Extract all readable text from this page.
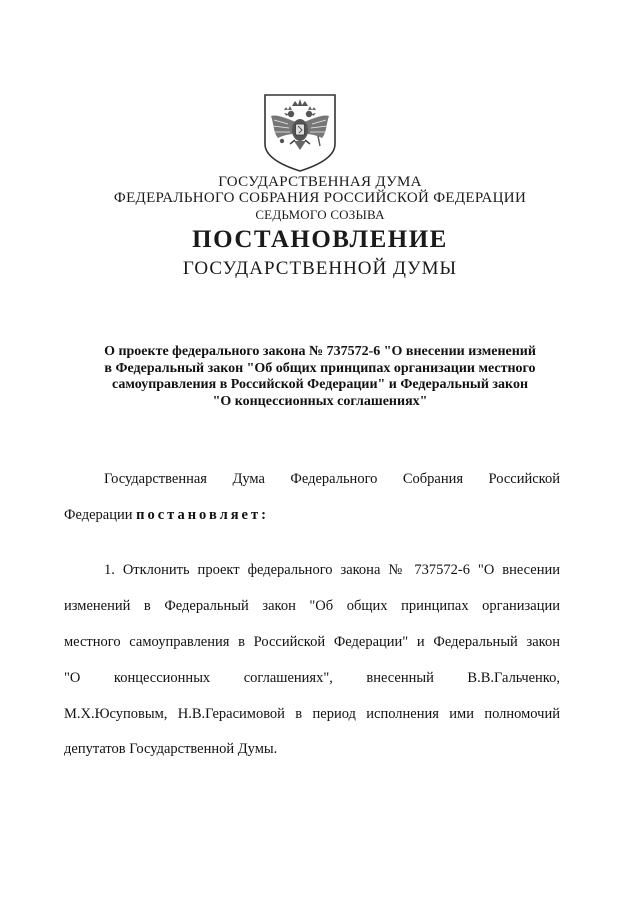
ГОСУДАРСТВЕННАЯ ДУМА
ФЕДЕРАЛЬНОГО СОБРАНИЯ РОССИЙСКОЙ ФЕДЕРАЦИИ
СЕДЬМОГО СОЗЫВА
ПОСТАНОВЛЕНИЕ
ГОСУДАРСТВЕННОЙ ДУМЫ
О проекте федерального закона № 737572-6 "О внесении изменений
в Федеральный закон "Об общих принципах организации местного
самоуправления в Российской Федерации" и Федеральный закон
"О концессионных соглашениях"
Государственная Дума Федерального Собрания Российской
Федерации постановляет:
1. Отклонить проект федерального закона № 737572-6 "О внесении
изменений в Федеральный закон "Об общих принципах организации
местного самоуправления в Российской Федерации" и Федеральный закон
"О концессионных соглашениях", внесенный В.В.Гальченко,
М.Х.Юсуповым, Н.В.Герасимовой в период исполнения ими полномочий
депутатов Государственной Думы.
